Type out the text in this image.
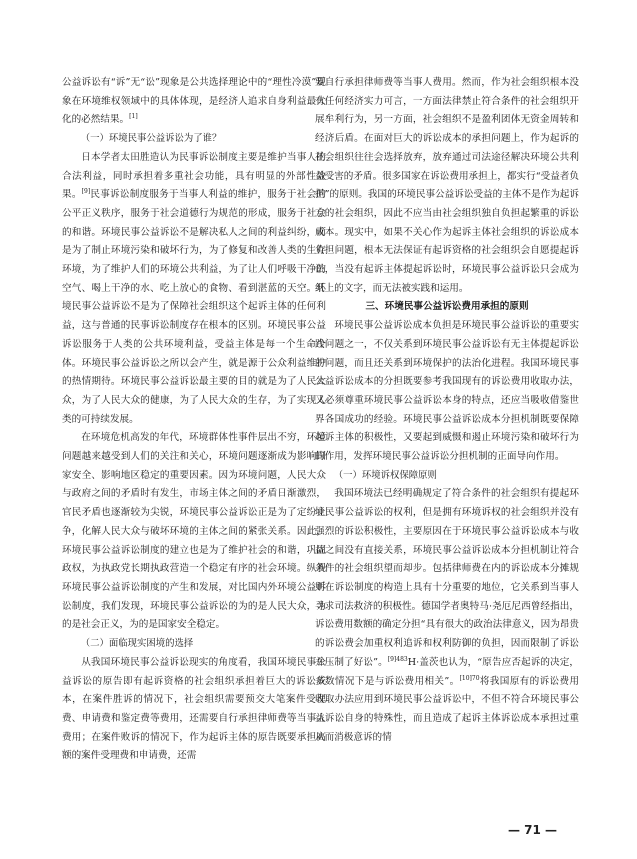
公益诉讼有“诉”无“讼”现象是公共选择理论中的“理性冷漠”现象在环境维权领域中的具体体现，是经济人追求自身利益最大化的必然结果。[1]

（一）环境民事公益诉讼为了谁？

日本学者太田胜造认为民事诉讼制度主要是维护当事人的合法利益，同时承担着多重社会功能，具有明显的外部性效果。[9]民事诉讼制度服务于当事人利益的维护，服务于社会的公平正义秩序，服务于社会道德行为规范的形成，服务于社会的和谐。环境民事公益诉讼不是解决私人之间的利益纠纷，而是为了制止环境污染和破坏行为，为了修复和改善人类的生存环境，为了维护人们的环境公共利益，为了让人们呼吸干净的空气、喝上干净的水、吃上放心的食物、看到湛蓝的天空。环境民事公益诉讼不是为了保障社会组织这个起诉主体的任何利益，这与普通的民事诉讼制度存在根本的区别。环境民事公益诉讼服务于人类的公共环境利益，受益主体是每一个生命个体。环境民事公益诉讼之所以会产生，就是源于公众利益维护的热情期待。环境民事公益诉讼最主要的目的就是为了人民大众，为了人民大众的健康，为了人民大众的生存，为了实现人类的可持续发展。

在环境危机高发的年代，环境群体性事件层出不穷，环境问题越来越受到人们的关注和关心，环境问题逐渐成为影响国家安全、影响地区稳定的重要因素。因为环境问题，人民大众与政府之间的矛盾时有发生，市场主体之间的矛盾日渐激烈，官民矛盾也逐渐较为尖锐，环境民事公益诉讼正是为了定纷止争，化解人民大众与破坏环境的主体之间的紧张关系。因此，环境民事公益诉讼制度的建立也是为了维护社会的和谐，巩固政权，为执政党长期执政营造一个稳定有序的社会环境。纵观环境民事公益诉讼制度的产生和发展，对比国内外环境公益诉讼制度，我们发现，环境民事公益诉讼的为的是人民大众，为的是社会正义，为的是国家安全稳定。

（二）面临现实困境的选择

从我国环境民事公益诉讼现实的角度看，我国环境民事公益诉讼的原告即有起诉资格的社会组织承担着巨大的诉讼成本，在案件胜诉的情况下，社会组织需要预交大笔案件受理费、申请费和鉴定费等费用，还需要自行承担律师费等当事人费用；在案件败诉的情况下，作为起诉主体的原告既要承担高额的案件受理费和申请费，还需

要自行承担律师费等当事人费用。然而，作为社会组织根本没有任何经济实力可言，一方面法律禁止符合条件的社会组织开展牟利行为，另一方面，社会组织不是盈利团体无资金周转和经济后盾。在面对巨大的诉讼成本的承担问题上，作为起诉的社会组织往往会选择放弃，放弃通过司法途径解决环境公共利益受害的矛盾。很多国家在诉讼费用承担上，都实行“受益者负担”的原则。我国的环境民事公益诉讼受益的主体不是作为起诉方的社会组织，因此不应当由社会组织独自负担起繁重的诉讼成本。现实中，如果不关心作为起诉主体社会组织的诉讼成本负担问题，根本无法保证有起诉资格的社会组织会自愿提起诉讼，当没有起诉主体提起诉讼时，环境民事公益诉讼只会成为纸上的文字，而无法被实践和运用。

三、环境民事公益诉讼费用承担的原则

环境民事公益诉讼成本负担是环境民事公益诉讼的重要实践问题之一，不仅关系到环境民事公益诉讼有无主体提起诉讼的问题，而且还关系到环境保护的法治化进程。我国环境民事公益诉讼成本的分担既要参考我国现有的诉讼费用收取办法，又必须尊重环境民事公益诉讼本身的特点，还应当吸收借鉴世界各国成功的经验。环境民事公益诉讼成本分担机制既要保障起诉主体的积极性，又要起到威慑和遏止环境污染和破坏行为的作用，发挥环境民事公益诉讼分担机制的正面导向作用。

（一）环境诉权保障原则

我国环境法已经明确规定了符合条件的社会组织有提起环境民事公益诉讼的权利，但是拥有环境诉权的社会组织并没有强烈的诉讼积极性，主要原因在于环境民事公益诉讼成本与收益之间没有直接关系，环境民事公益诉讼成本分担机制让符合条件的社会组织望而却步。包括律师费在内的诉讼成本分摊规则在诉讼制度的构造上具有十分重要的地位，它关系到当事人寻求司法救济的积极性。德国学者奥特马·尧厄尼西曾经指出，诉讼费用数额的确定分担“具有很大的政治法律意义，因为昂贵的诉讼费会加重权利追诉和权利防御的负担，因而限制了诉讼并压制了好讼”。$^{[9]483}$H·盖茨也认为，“原告应否起诉的决定，多数情况下是与诉讼费用相关”。$^{[10]70}$将我国原有的诉讼费用收取办法应用到环境民事公益诉讼中，不但不符合环境民事公益诉讼自身的特殊性，而且造成了起诉主体诉讼成本承担过重从而消极意诉的情

— 71 —
